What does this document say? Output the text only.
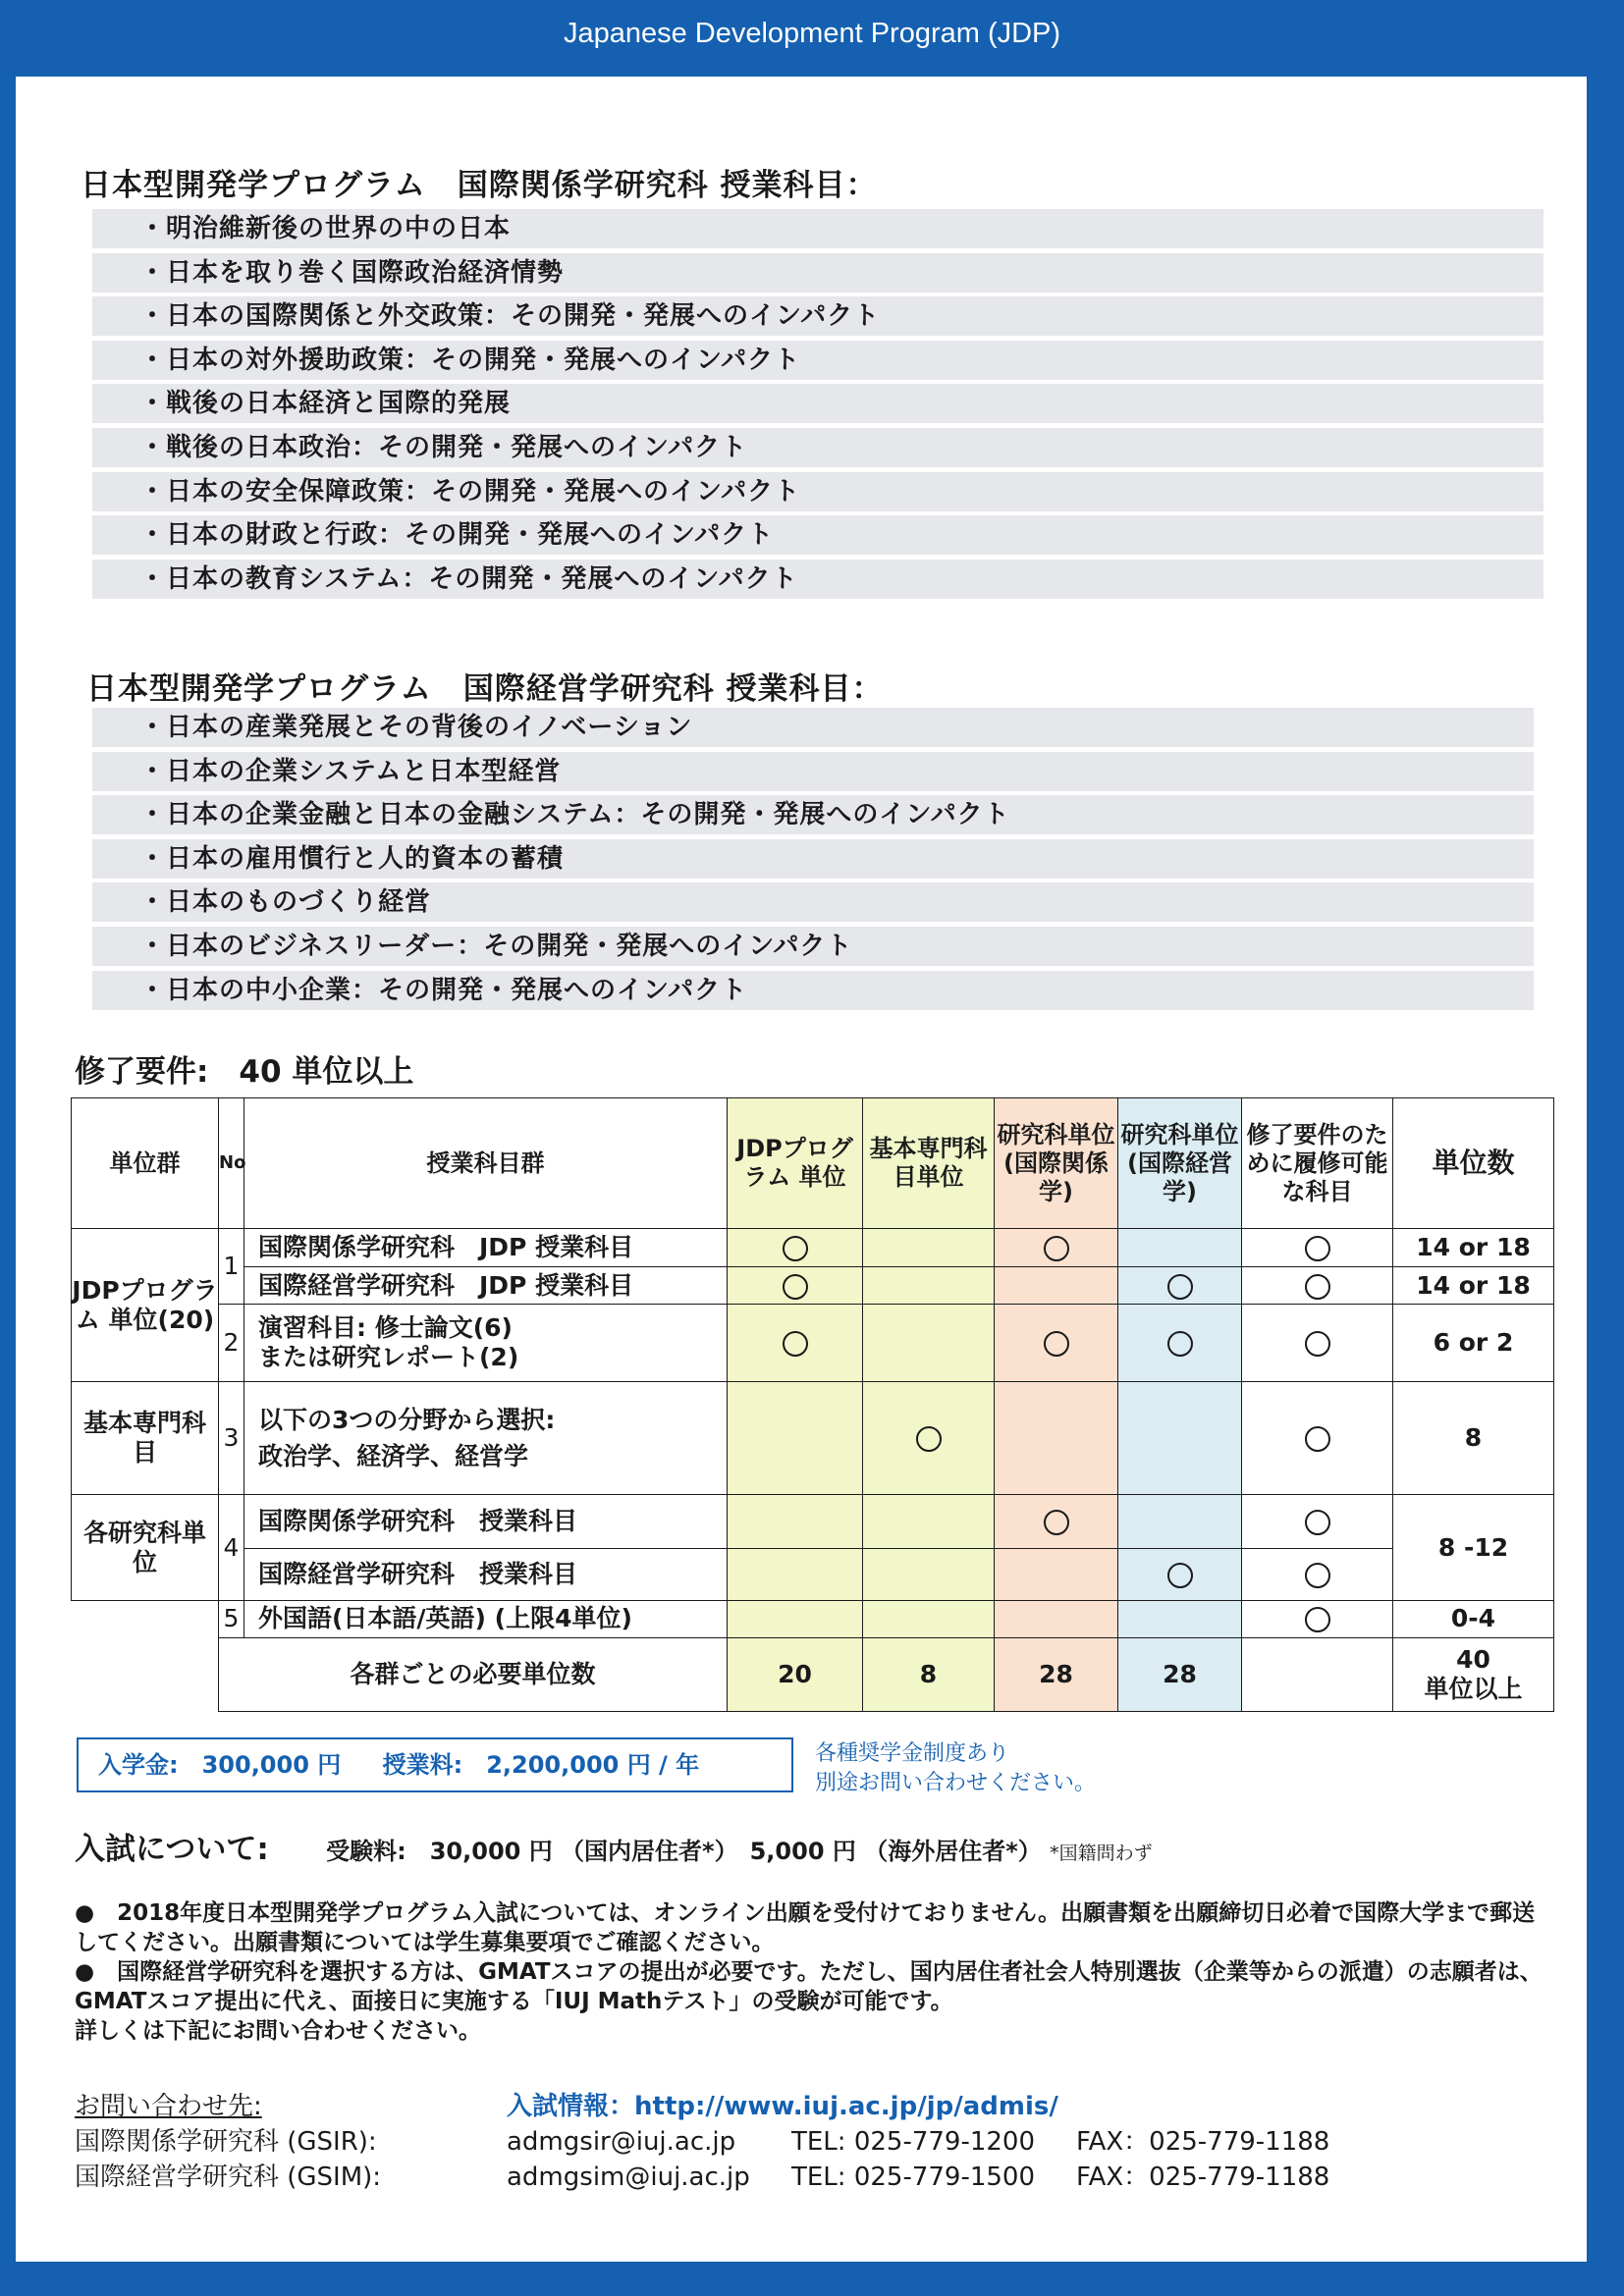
Japanese Development Program (JDP)
日本型開発学プログラム　国際関係学研究科 授業科目：
・明治維新後の世界の中の日本
・日本を取り巻く国際政治経済情勢
・日本の国際関係と外交政策：その開発・発展へのインパクト
・日本の対外援助政策：その開発・発展へのインパクト
・戦後の日本経済と国際的発展
・戦後の日本政治：その開発・発展へのインパクト
・日本の安全保障政策：その開発・発展へのインパクト
・日本の財政と行政：その開発・発展へのインパクト
・日本の教育システム：その開発・発展へのインパクト
日本型開発学プログラム　国際経営学研究科 授業科目：
・日本の産業発展とその背後のイノベーション
・日本の企業システムと日本型経営
・日本の企業金融と日本の金融システム：その開発・発展へのインパクト
・日本の雇用慣行と人的資本の蓄積
・日本のものづくり経営
・日本のビジネスリーダー：その開発・発展へのインパクト
・日本の中小企業：その開発・発展へのインパクト
修了要件:　40 単位以上
単位群	No	授業科目群	JDPプログラム 単位	基本専門科目単位	研究科単位(国際関係学)	研究科単位(国際経営学)	修了要件のために履修可能な科目	単位数
JDPプログラム 単位(20)	1	国際関係学研究科　JDP 授業科目						14 or 18
		国際経営学研究科　JDP 授業科目						14 or 18
	2	演習科目: 修士論文(6)
または研究レポート(2)						6 or 2
基本専門科目	3	以下の3つの分野から選択:
政治学、経済学、経営学						8
各研究科単位	4	国際関係学研究科　授業科目						8 -12
		国際経営学研究科　授業科目						
	5	外国語(日本語/英語) (上限4単位)						0-4
	各群ごとの必要単位数		20	8	28	28		40
単位以上
入学金:　300,000 円 授業料:　2,200,000 円 / 年	各種奨学金制度あり
別途お問い合わせください。
入試について: 受験料:　30,000 円 （国内居住者*）　5,000 円 （海外居住者*） *国籍問わず

●　2018年度日本型開発学プログラム入試については、オンライン出願を受付けておりません。出願書類を出願締切日必着で国際大学まで郵送してください。出願書類については学生募集要項でご確認ください。

●　国際経営学研究科を選択する方は、GMATスコアの提出が必要です。ただし、国内居住者社会人特別選抜（企業等からの派遣）の志願者は、GMATスコア提出に代え、面接日に実施する「IUJ Mathテスト」の受験が可能です。

詳しくは下記にお問い合わせください。

お問い合わせ先:	入試情報：http://www.iuj.ac.jp/jp/admis/
国際関係学研究科 (GSIR):	admgsir@iuj.ac.jp	TEL: 025-779-1200	FAX：025-779-1188
国際経営学研究科 (GSIM):	admgsim@iuj.ac.jp	TEL: 025-779-1500	FAX：025-779-1188
